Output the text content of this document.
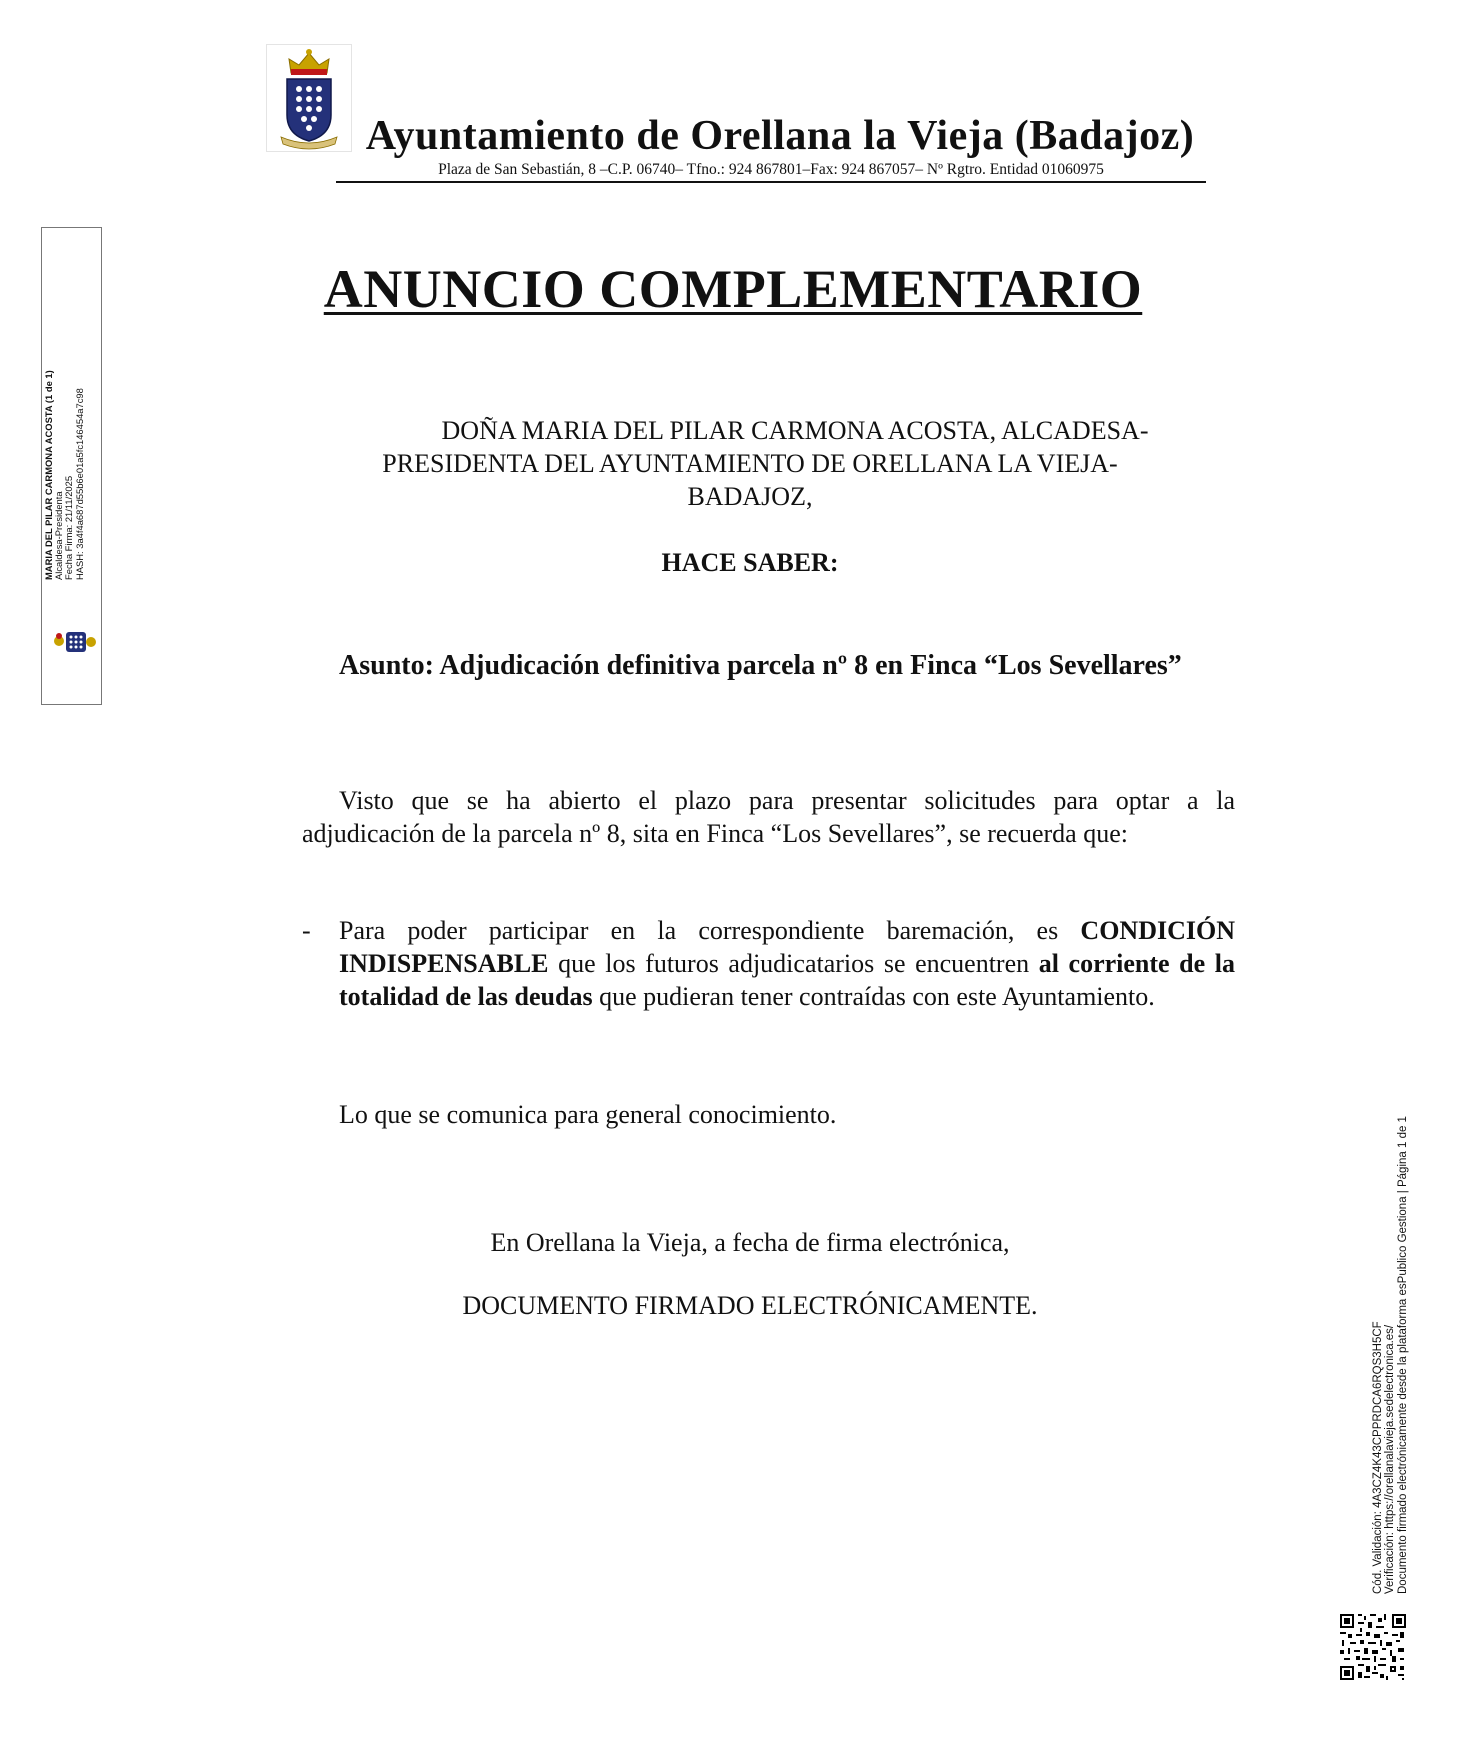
Ayuntamiento de Orellana la Vieja (Badajoz)
Plaza de San Sebastián, 8 –C.P. 06740– Tfno.: 924 867801–Fax: 924 867057– Nº Rgtro. Entidad 01060975
MARIA DEL PILAR CARMONA ACOSTA (1 de 1) Alcaldesa-Presidenta Fecha Firma: 21/11/2025 HASH: 3a4f4a687d55b6e01a5fc146454a7c98
ANUNCIO COMPLEMENTARIO

DOÑA MARIA DEL PILAR CARMONA ACOSTA, ALCADESA-

PRESIDENTA DEL AYUNTAMIENTO DE ORELLANA LA VIEJA-

BADAJOZ,

HACE SABER:
Asunto: Adjudicación definitiva parcela nº 8 en Finca “Los Sevellares”
Visto que se ha abierto el plazo para presentar solicitudes para optar a la
adjudicación de la parcela nº 8, sita en Finca “Los Sevellares”, se recuerda que:
- Para poder participar en la correspondiente baremación, es CONDICIÓN INDISPENSABLE que los futuros adjudicatarios se encuentren al corriente de la totalidad de las deudas que pudieran tener contraídas con este Ayuntamiento.
Lo que se comunica para general conocimiento.
En Orellana la Vieja, a fecha de firma electrónica,
DOCUMENTO FIRMADO ELECTRÓNICAMENTE.
Cód. Validación: 4A3CZ4K43CPPRDCA6RQS3H5CF Verificación: https://orellanalavieja.sedelectronica.es/ Documento firmado electrónicamente desde la plataforma esPublico Gestiona | Página 1 de 1
